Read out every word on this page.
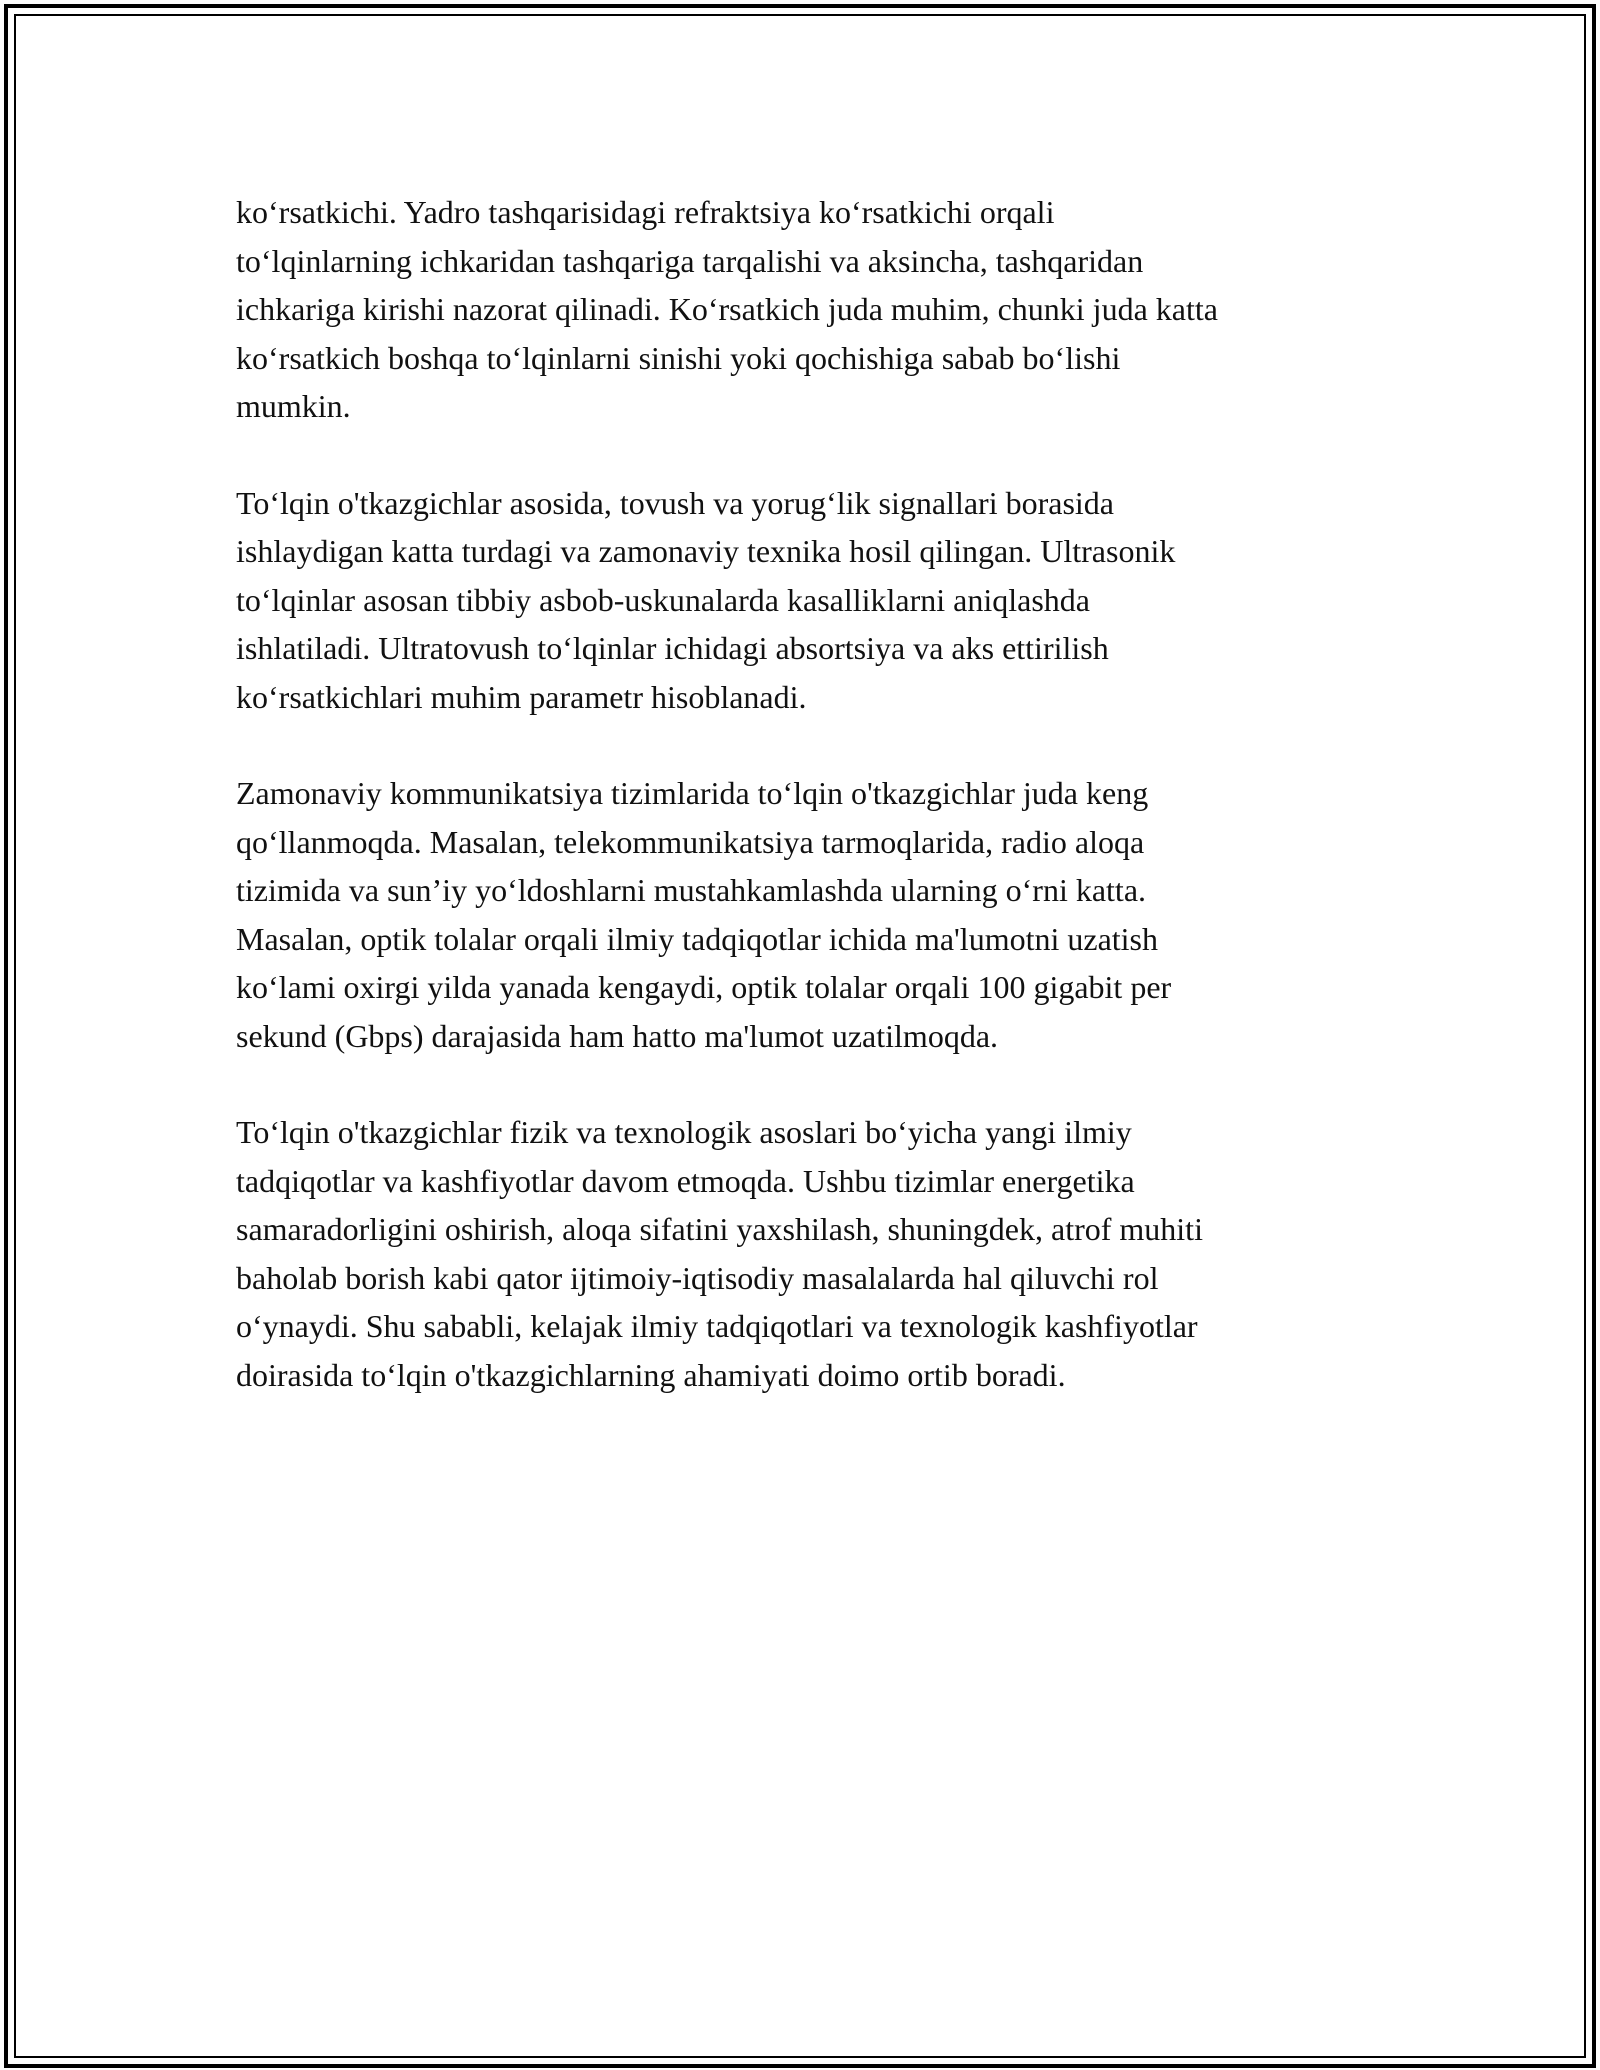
ko‘rsatkichi. Yadro tashqarisidagi refraktsiya ko‘rsatkichi orqali
to‘lqinlarning ichkaridan tashqariga tarqalishi va aksincha, tashqaridan
ichkariga kirishi nazorat qilinadi. Ko‘rsatkich juda muhim, chunki juda katta
ko‘rsatkich boshqa to‘lqinlarni sinishi yoki qochishiga sabab bo‘lishi
mumkin.

To‘lqin o'tkazgichlar asosida, tovush va yorug‘lik signallari borasida
ishlaydigan katta turdagi va zamonaviy texnika hosil qilingan. Ultrasonik
to‘lqinlar asosan tibbiy asbob-uskunalarda kasalliklarni aniqlashda
ishlatiladi. Ultratovush to‘lqinlar ichidagi absortsiya va aks ettirilish
ko‘rsatkichlari muhim parametr hisoblanadi.

Zamonaviy kommunikatsiya tizimlarida to‘lqin o'tkazgichlar juda keng
qo‘llanmoqda. Masalan, telekommunikatsiya tarmoqlarida, radio aloqa
tizimida va sun’iy yo‘ldoshlarni mustahkamlashda ularning o‘rni katta.
Masalan, optik tolalar orqali ilmiy tadqiqotlar ichida ma'lumotni uzatish
ko‘lami oxirgi yilda yanada kengaydi, optik tolalar orqali 100 gigabit per
sekund (Gbps) darajasida ham hatto ma'lumot uzatilmoqda.

To‘lqin o'tkazgichlar fizik va texnologik asoslari bo‘yicha yangi ilmiy
tadqiqotlar va kashfiyotlar davom etmoqda. Ushbu tizimlar energetika
samaradorligini oshirish, aloqa sifatini yaxshilash, shuningdek, atrof muhiti
baholab borish kabi qator ijtimoiy-iqtisodiy masalalarda hal qiluvchi rol
o‘ynaydi. Shu sababli, kelajak ilmiy tadqiqotlari va texnologik kashfiyotlar
doirasida to‘lqin o'tkazgichlarning ahamiyati doimo ortib boradi.
